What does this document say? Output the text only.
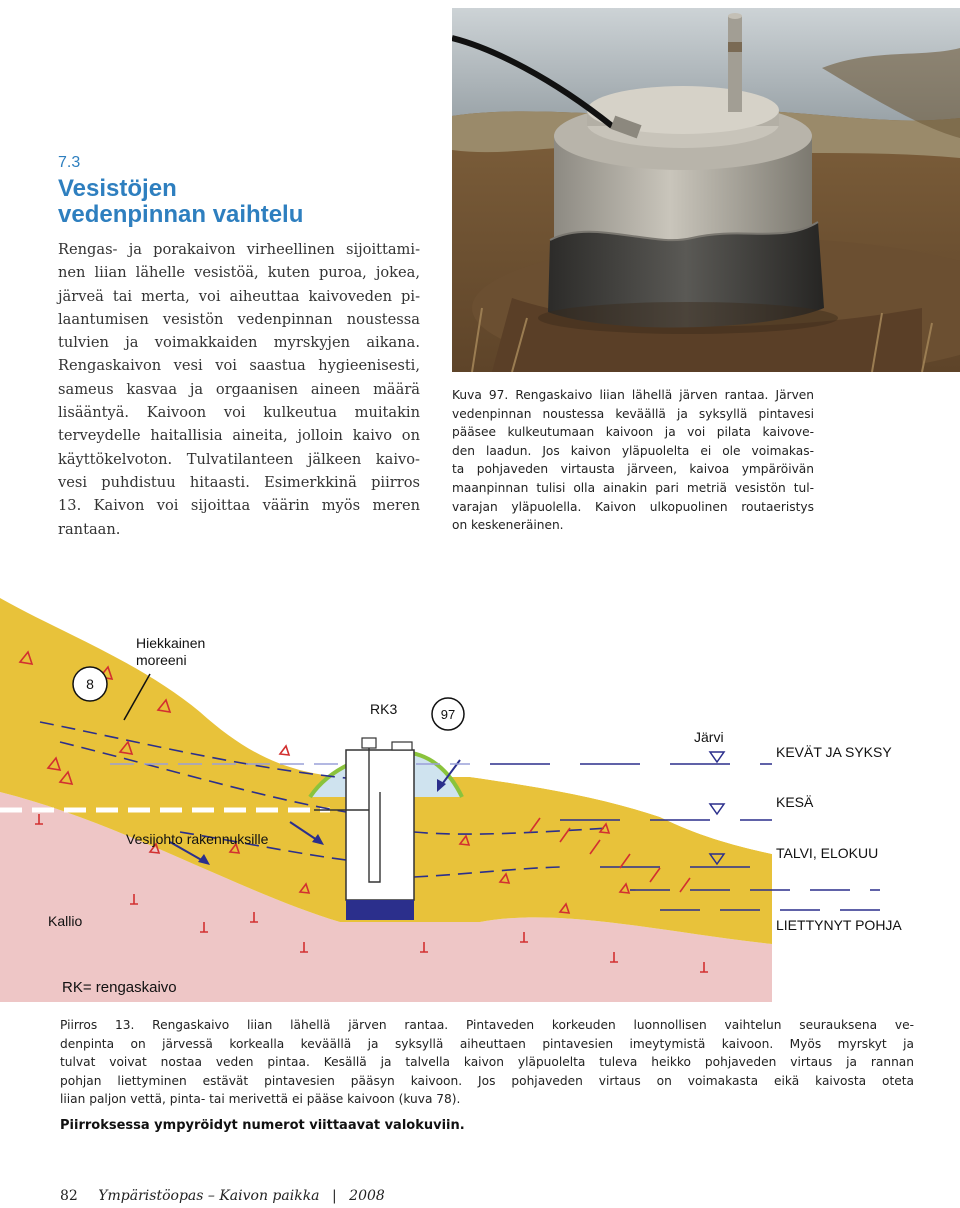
7.3
Vesistöjen
vedenpinnan vaihtelu
Rengas- ja porakaivon virheellinen sijoittami-
nen liian lähelle vesistöä, kuten puroa, jokea,
järveä tai merta, voi aiheuttaa kaivoveden pi-
laantumisen vesistön vedenpinnan noustessa
tulvien ja voimakkaiden myrskyjen aikana.
Rengaskaivon vesi voi saastua hygieenisesti,
sameus kasvaa ja orgaanisen aineen määrä
lisääntyä. Kaivoon voi kulkeutua muitakin
terveydelle haitallisia aineita, jolloin kaivo on
käyttökelvoton. Tulvatilanteen jälkeen kaivo-
vesi puhdistuu hitaasti. Esimerkkinä piirros
13. Kaivon voi sijoittaa väärin myös meren
rantaan.
Kuva 97. Rengaskaivo liian lähellä järven rantaa. Järven
vedenpinnan noustessa keväällä ja syksyllä pintavesi
pääsee kulkeutumaan kaivoon ja voi pilata kaivove-
den laadun. Jos kaivon yläpuolelta ei ole voimakas-
ta pohjaveden virtausta järveen, kaivoa ympäröivän
maanpinnan tulisi olla ainakin pari metriä vesistön tul-
varajan yläpuolella. Kaivon ulkopuolinen routaeristys
on keskeneräinen.
Hiekkainen
moreeni
8
RK3	97
Järvi
KEVÄT JA SYKSY
KESÄ
TALVI, ELOKUU
Vesijohto rakennuksille
Kallio	LIETTYNYT POHJA
RK= rengaskaivo
Piirros 13. Rengaskaivo liian lähellä järven rantaa. Pintaveden korkeuden luonnollisen vaihtelun seurauksena ve-
denpinta on järvessä korkealla keväällä ja syksyllä aiheuttaen pintavesien imeytymistä kaivoon. Myös myrskyt ja
tulvat voivat nostaa veden pintaa. Kesällä ja talvella kaivon yläpuolelta tuleva heikko pohjaveden virtaus ja rannan
pohjan liettyminen estävät pintavesien pääsyn kaivoon. Jos pohjaveden virtaus on voimakasta eikä kaivosta oteta
liian paljon vettä, pinta- tai merivettä ei pääse kaivoon (kuva 78).
Piirroksessa ympyröidyt numerot viittaavat valokuviin.
82 Ympäristöopas – Kaivon paikka | 2008
